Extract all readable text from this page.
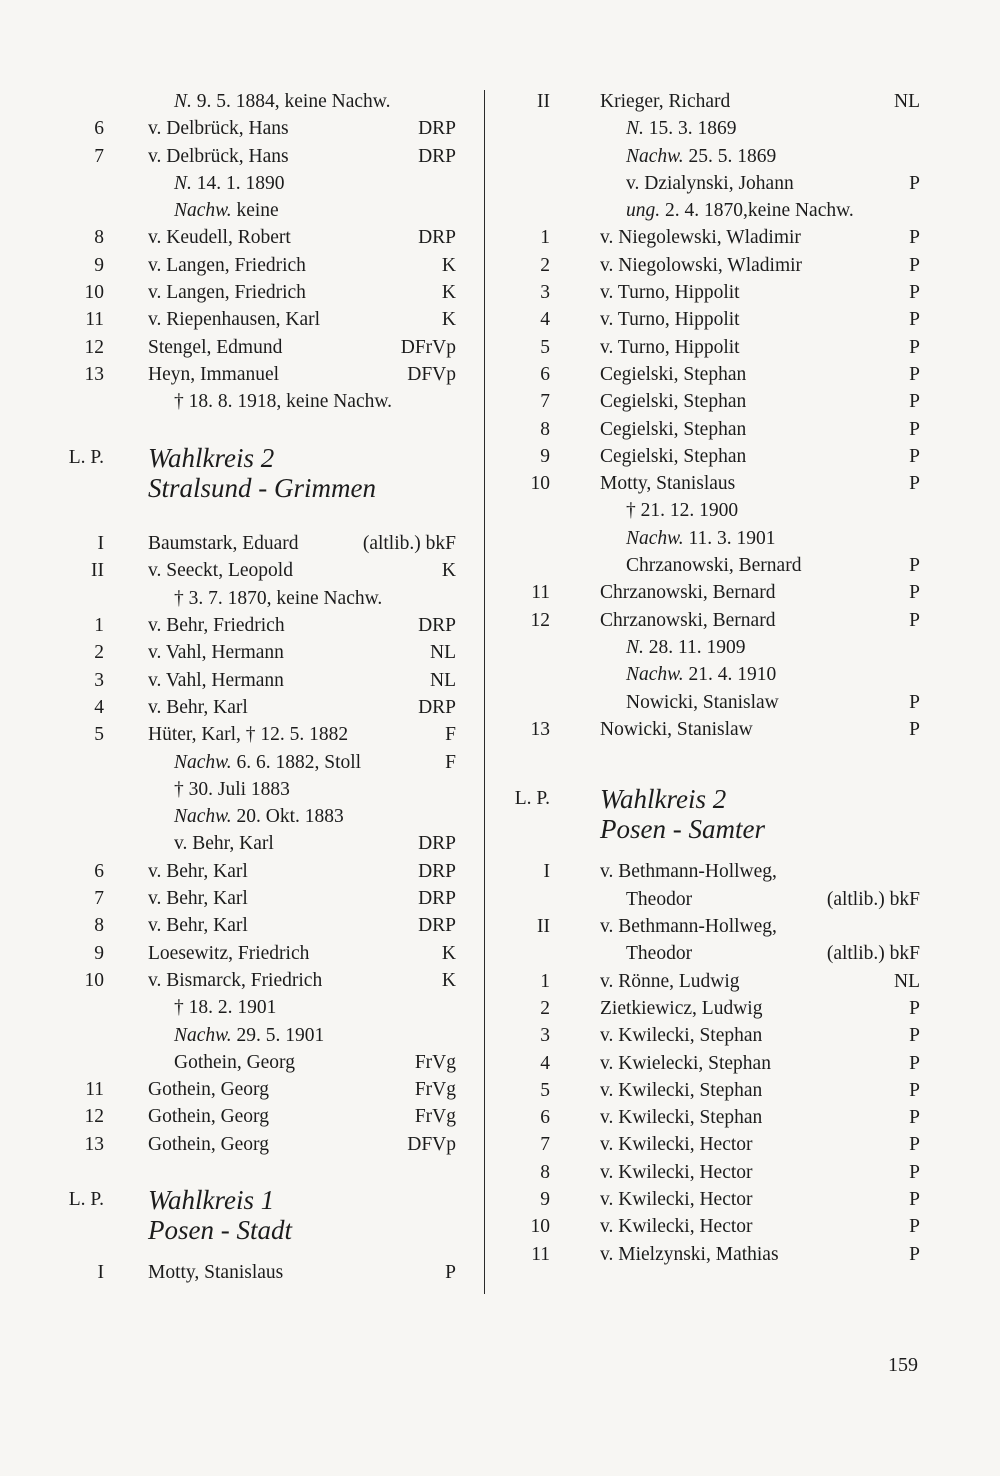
N. 9. 5. 1884, keine Nachw.
6 v. Delbrück, Hans	DRP
7 v. Delbrück, Hans	DRP
N. 14. 1. 1890
Nachw. keine
8 v. Keudell, Robert	DRP
9 v. Langen, Friedrich	K
10 v. Langen, Friedrich	K
11 v. Riepenhausen, Karl	K
12 Stengel, Edmund	DFrVp
13 Heyn, Immanuel	DFVp
† 18. 8. 1918, keine Nachw.
L. P. Wahlkreis 2
Stralsund - Grimmen
I Baumstark, Eduard	(altlib.) bkF
II v. Seeckt, Leopold	K
† 3. 7. 1870, keine Nachw.
1 v. Behr, Friedrich	DRP
2 v. Vahl, Hermann	NL
3 v. Vahl, Hermann	NL
4 v. Behr, Karl	DRP
5 Hüter, Karl, † 12. 5. 1882	F
Nachw. 6. 6. 1882, Stoll	F
† 30. Juli 1883
Nachw. 20. Okt. 1883
v. Behr, Karl	DRP
6 v. Behr, Karl	DRP
7 v. Behr, Karl	DRP
8 v. Behr, Karl	DRP
9 Loesewitz, Friedrich	K
10 v. Bismarck, Friedrich	K
† 18. 2. 1901
Nachw. 29. 5. 1901
Gothein, Georg	FrVg
11 Gothein, Georg	FrVg
12 Gothein, Georg	FrVg
13 Gothein, Georg	DFVp
L. P. Wahlkreis 1
Posen - Stadt
I Motty, Stanislaus	P
II	Krieger, Richard	NL
N. 15. 3. 1869
Nachw. 25. 5. 1869
v. Dzialynski, Johann	P
ung. 2. 4. 1870,keine Nachw.
1	v. Niegolewski, Wladimir	P
2	v. Niegolowski, Wladimir	P
3	v. Turno, Hippolit	P
4	v. Turno, Hippolit	P
5	v. Turno, Hippolit	P
6	Cegielski, Stephan	P
7	Cegielski, Stephan	P
8	Cegielski, Stephan	P
9	Cegielski, Stephan	P
10	Motty, Stanislaus	P
† 21. 12. 1900
Nachw. 11. 3. 1901
Chrzanowski, Bernard	P
11	Chrzanowski, Bernard	P
12	Chrzanowski, Bernard	P
N. 28. 11. 1909
Nachw. 21. 4. 1910
Nowicki, Stanislaw	P
13	Nowicki, Stanislaw	P
L. P. Wahlkreis 2
Posen - Samter
I	v. Bethmann-Hollweg,
Theodor	(altlib.) bkF
II	v. Bethmann-Hollweg,
Theodor	(altlib.) bkF
1	v. Rönne, Ludwig	NL
2	Zietkiewicz, Ludwig	P
3	v. Kwilecki, Stephan	P
4	v. Kwielecki, Stephan	P
5	v. Kwilecki, Stephan	P
6	v. Kwilecki, Stephan	P
7	v. Kwilecki, Hector	P
8	v. Kwilecki, Hector	P
9	v. Kwilecki, Hector	P
10	v. Kwilecki, Hector	P
11	v. Mielzynski, Mathias	P
159
